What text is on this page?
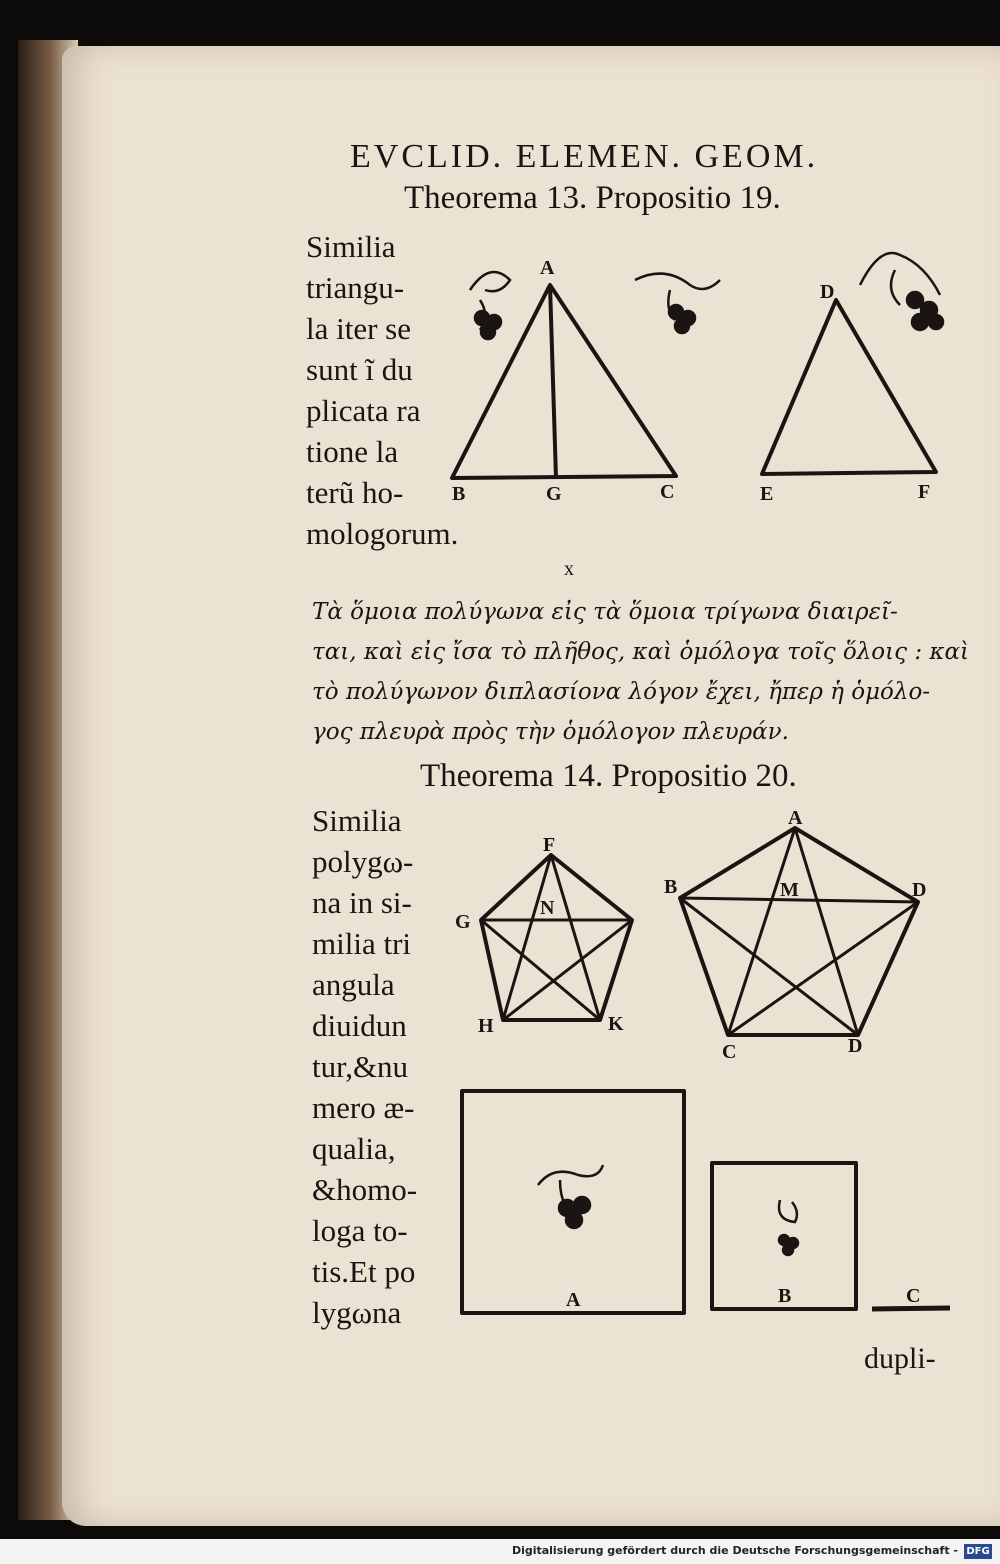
EVCLID. ELEMEN. GEOM.
Theorema 13. Propositio 19.
Similia
triangu-
la iter se
sunt ĩ du
plicata ra
tione la
terũ ho-
mologorum.
x
Τὰ ὅμοια πολύγωνα εἰς τὰ ὅμοια τρίγωνα διαιρεῖ-
ται, καὶ εἰς ἴσα τὸ πλῆθος, καὶ ὁμόλογα τοῖς ὅλοις : καὶ
τὸ πολύγωνον διπλασίονα λόγον ἔχει, ἤπερ ἡ ὁμόλο-
γος πλευρὰ πρὸς τὴν ὁμόλογον πλευράν.
Theorema 14. Propositio 20.
Similia
polygω-
na in si-
milia tri
angula
diuidun
tur,&nu
mero æ-
qualia,
&homo-
loga to-
tis.Et po
lygωna
dupli-
A
B	G	C
D
E	F
F
N
G
H	K
A
B	M	D
C	D
A	B	C
Digitalisierung gefördert durch die Deutsche Forschungsgemeinschaft - DFG
